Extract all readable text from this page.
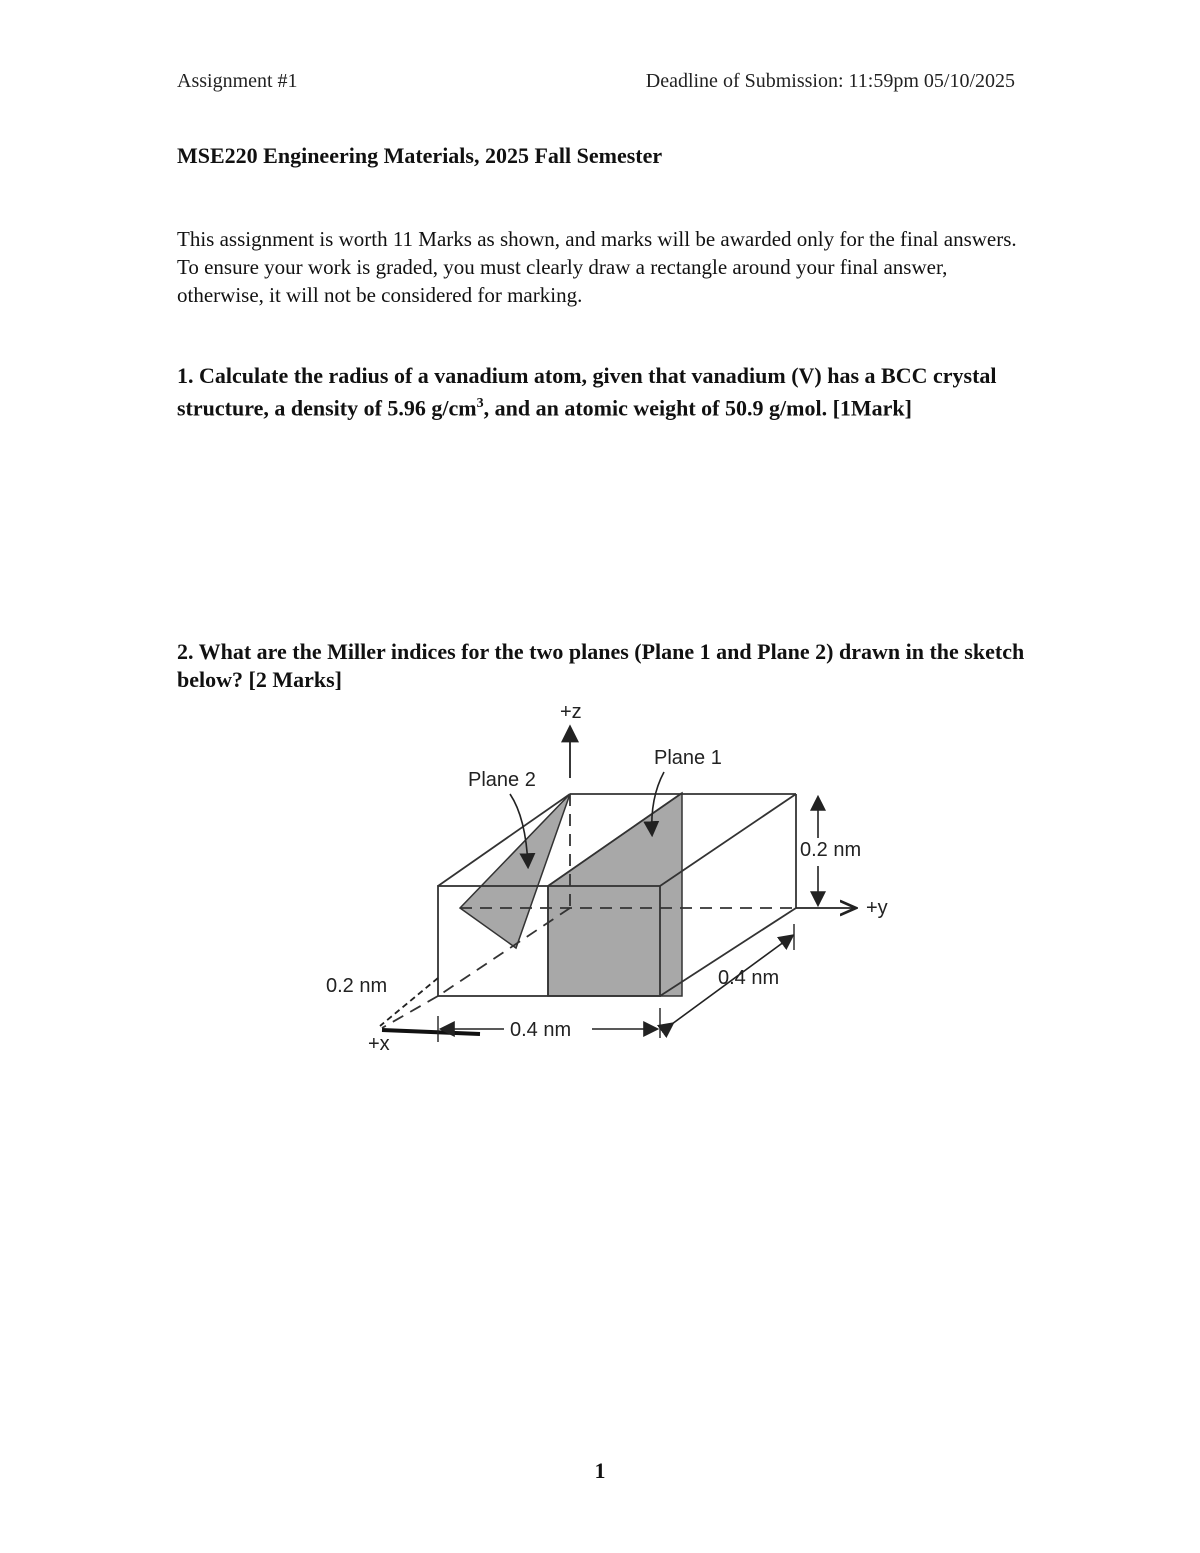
Assignment #1	Deadline of Submission: 11:59pm 05/10/2025
MSE220 Engineering Materials, 2025 Fall Semester
This assignment is worth 11 Marks as shown, and marks will be awarded only for the final answers. To ensure your work is graded, you must clearly draw a rectangle around your final answer, otherwise, it will not be considered for marking.
1. Calculate the radius of a vanadium atom, given that vanadium (V) has a BCC crystal structure, a density of 5.96 $g/cm^3$, and an atomic weight of 50.9 g/mol. [1Mark]
2. What are the Miller indices for the two planes (Plane 1 and Plane 2) drawn in the sketch below? [2 Marks]
+z
+y
+x
Plane 1
Plane 2
0.2 nm
0.2 nm	0.4 nm
0.4 nm
1
